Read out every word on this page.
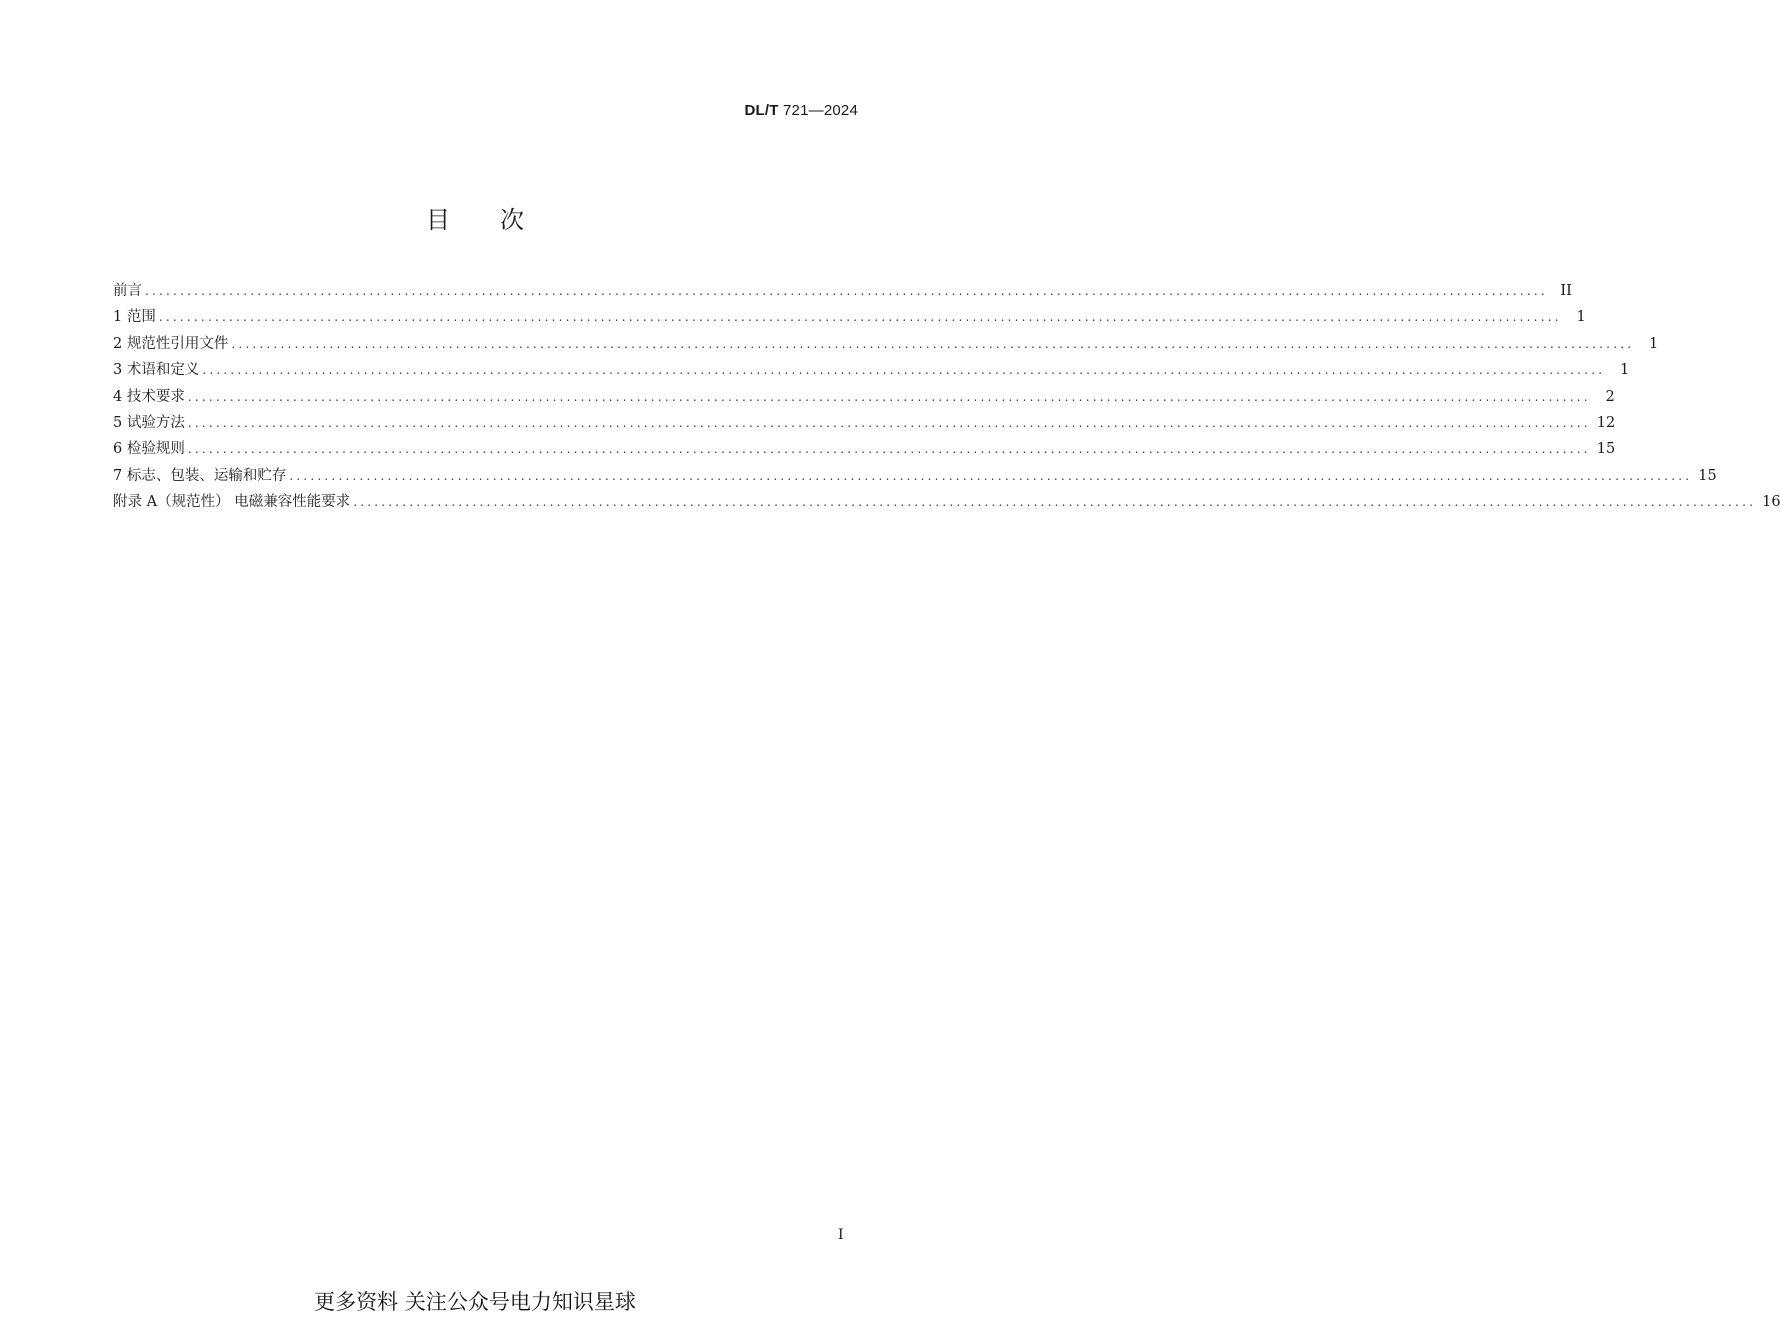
DL/T 721—2024
目次
前言 ........................................................................................................................................................................................................ II
1 范围 ........................................................................................................................................................................................................	1
2 规范性引用文件 ........................................................................................................................................................................................................	1
3 术语和定义 ........................................................................................................................................................................................................	1
4 技术要求 ........................................................................................................................................................................................................	2
5 试验方法 ........................................................................................................................................................................................................ 12
6 检验规则 ........................................................................................................................................................................................................ 15
7 标志、包装、运输和贮存 ........................................................................................................................................................................................................ 15
附录 A（规范性） 电磁兼容性能要求 ........................................................................................................................................................................................................ 16
I
更多资料 关注公众号电力知识星球
